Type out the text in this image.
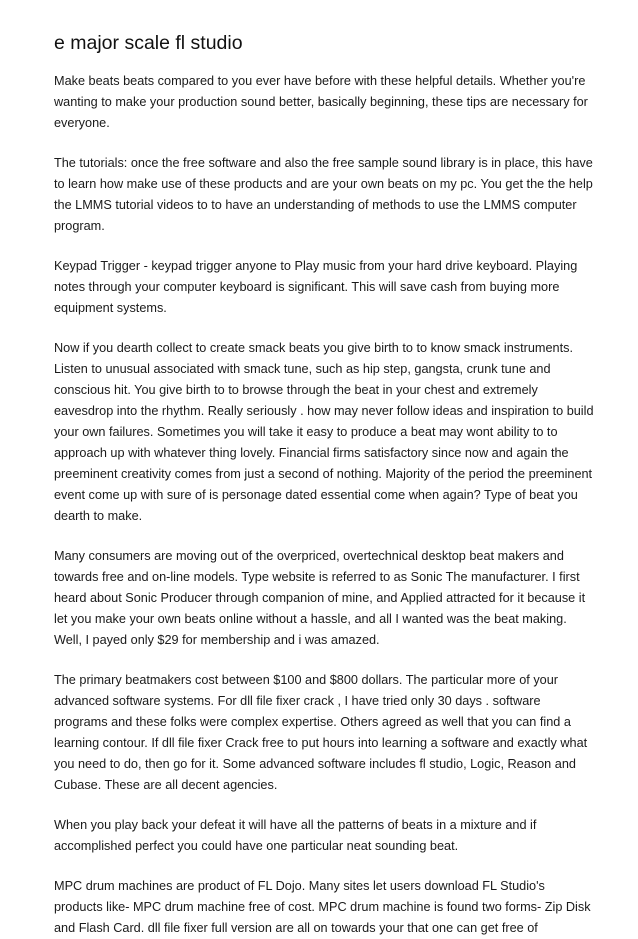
e major scale fl studio

Make beats beats compared to you ever have before with these helpful details. Whether you're wanting to make your production sound better, basically beginning, these tips are necessary for everyone.

The tutorials: once the free software and also the free sample sound library is in place, this have to learn how make use of these products and are your own beats on my pc. You get the the help the LMMS tutorial videos to to have an understanding of methods to use the LMMS computer program.

Keypad Trigger - keypad trigger anyone to Play music from your hard drive keyboard. Playing notes through your computer keyboard is significant. This will save cash from buying more equipment systems.

Now if you dearth collect to create smack beats you give birth to to know smack instruments. Listen to unusual associated with smack tune, such as hip step, gangsta, crunk tune and conscious hit. You give birth to to browse through the beat in your chest and extremely eavesdrop into the rhythm. Really seriously . how may never follow ideas and inspiration to build your own failures. Sometimes you will take it easy to produce a beat may wont ability to to approach up with whatever thing lovely. Financial firms satisfactory since now and again the preeminent creativity comes from just a second of nothing. Majority of the period the preeminent event come up with sure of is personage dated essential come when again? Type of beat you dearth to make.

Many consumers are moving out of the overpriced, overtechnical desktop beat makers and towards free and on-line models. Type website is referred to as Sonic The manufacturer. I first heard about Sonic Producer through companion of mine, and Applied attracted for it because it let you make your own beats online without a hassle, and all I wanted was the beat making. Well, I payed only $29 for membership and i was amazed.

The primary beatmakers cost between $100 and $800 dollars. The particular more of your advanced software systems. For dll file fixer crack , I have tried only 30 days . software programs and these folks were complex expertise. Others agreed as well that you can find a learning contour. If dll file fixer Crack free to put hours into learning a software and exactly what you need to do, then go for it. Some advanced software includes fl studio, Logic, Reason and Cubase. These are all decent agencies.

When you play back your defeat it will have all the patterns of beats in a mixture and if accomplished perfect you could have one particular neat sounding beat.

MPC drum machines are product of FL Dojo. Many sites let users download FL Studio's products like- MPC drum machine free of cost. MPC drum machine is found two forms- Zip Disk and Flash Card. dll file fixer full version are all on towards your that one can get free of
